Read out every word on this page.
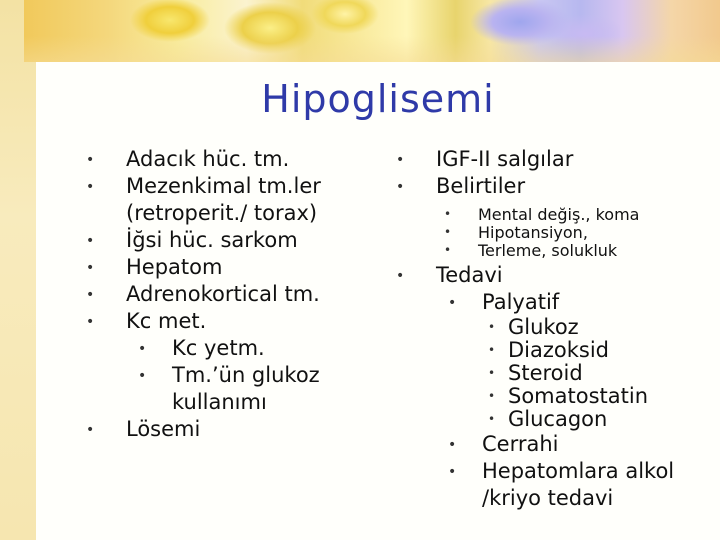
Hipoglisemi
• Adacık hüc. tm.
• Mezenkimal tm.ler (retroperit./ torax)
• İğsi hüc. sarkom
• Hepatom
• Adrenokortical tm.
• Kc met.
• Kc yetm.
• Tm.’ün glukoz kullanımı
• Lösemi
• IGF-II salgılar
• Belirtiler
• Mental değiş., koma
• Hipotansiyon,
• Terleme, solukluk
• Tedavi
• Palyatif
• Glukoz
• Diazoksid
• Steroid
• Somatostatin
• Glucagon
• Cerrahi
• Hepatomlara alkol /kriyo tedavi
